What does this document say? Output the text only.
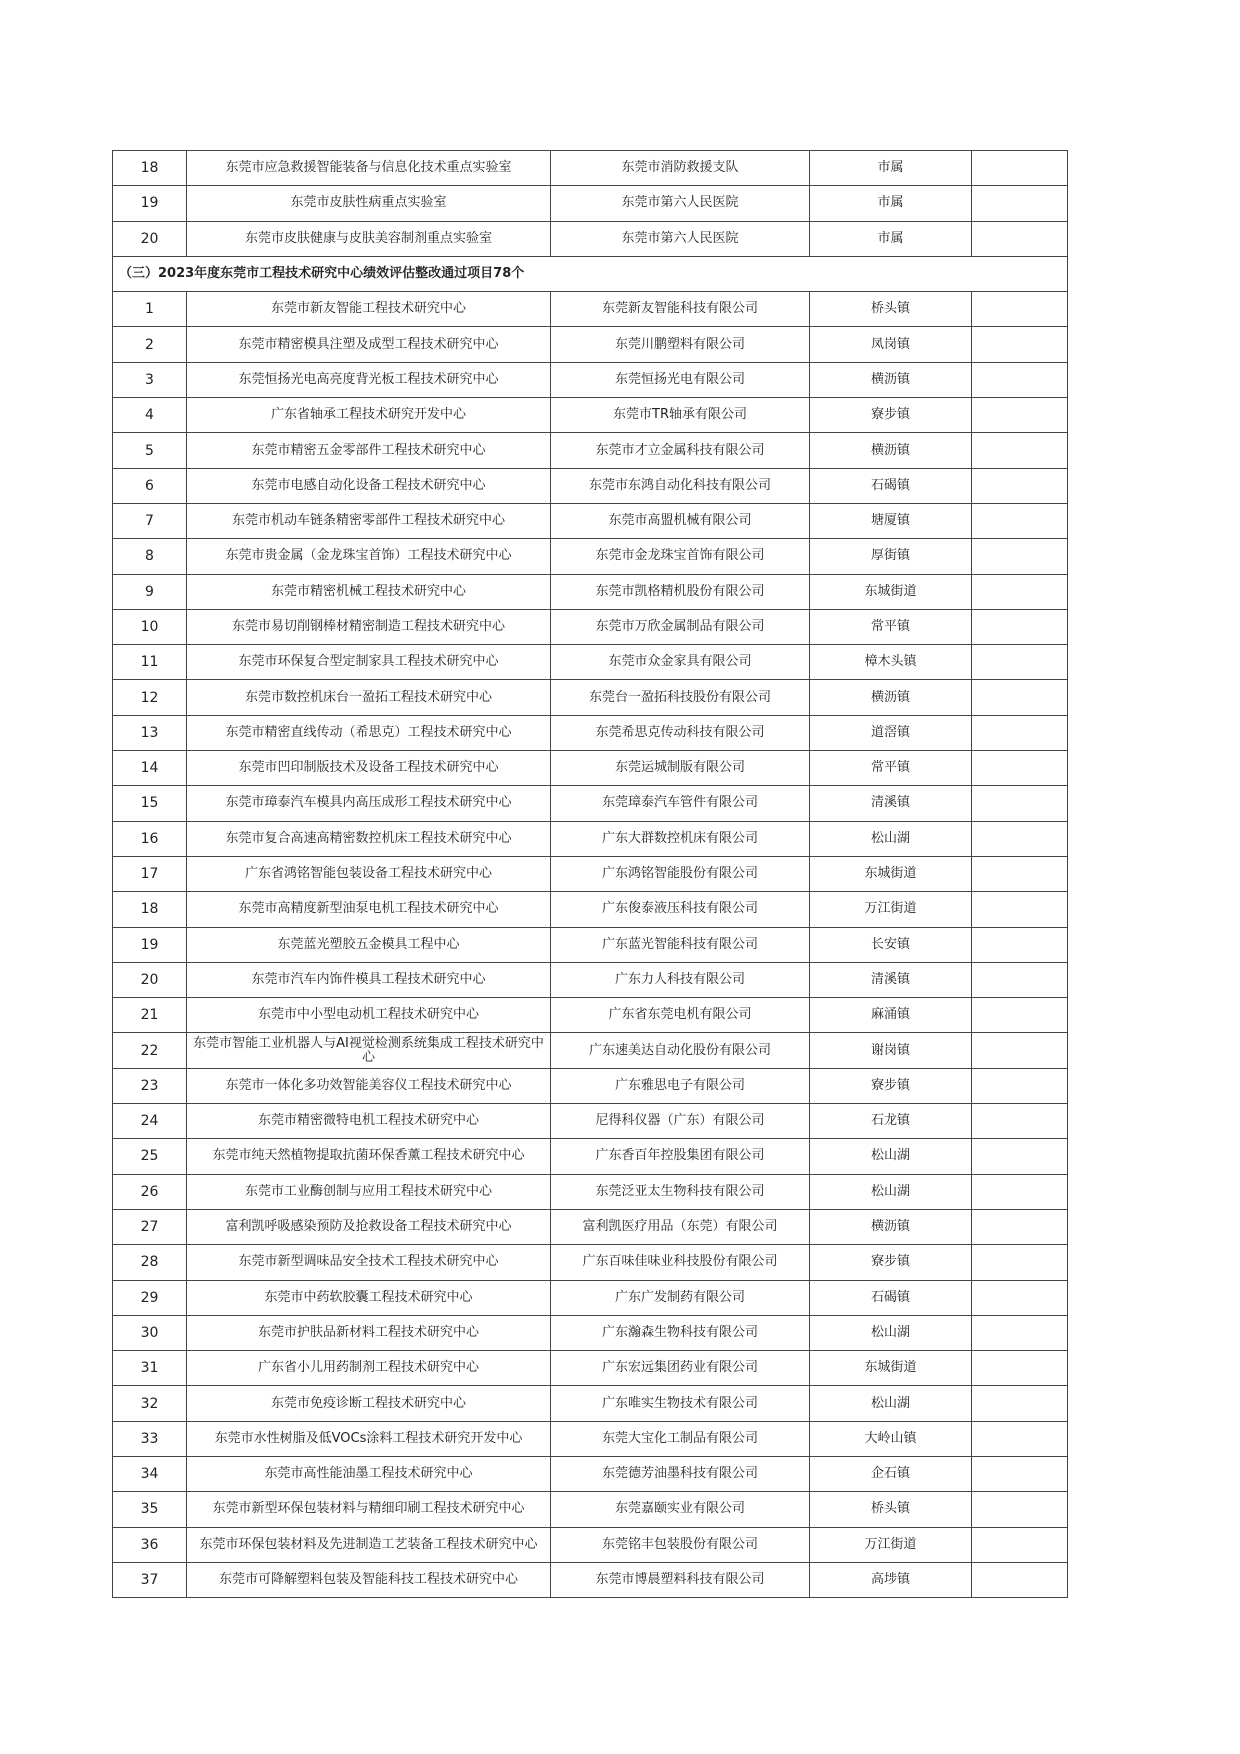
18	东莞市应急救援智能装备与信息化技术重点实验室	东莞市消防救援支队	市属	
19	东莞市皮肤性病重点实验室	东莞市第六人民医院	市属	
20	东莞市皮肤健康与皮肤美容制剂重点实验室	东莞市第六人民医院	市属	
（三）2023年度东莞市工程技术研究中心绩效评估整改通过项目78个				
1	东莞市新友智能工程技术研究中心	东莞新友智能科技有限公司	桥头镇	
2	东莞市精密模具注塑及成型工程技术研究中心	东莞川鹏塑料有限公司	凤岗镇	
3	东莞恒扬光电高亮度背光板工程技术研究中心	东莞恒扬光电有限公司	横沥镇	
4	广东省轴承工程技术研究开发中心	东莞市TR轴承有限公司	寮步镇	
5	东莞市精密五金零部件工程技术研究中心	东莞市才立金属科技有限公司	横沥镇	
6	东莞市电感自动化设备工程技术研究中心	东莞市东鸿自动化科技有限公司	石碣镇	
7	东莞市机动车链条精密零部件工程技术研究中心	东莞市高盟机械有限公司	塘厦镇	
8	东莞市贵金属（金龙珠宝首饰）工程技术研究中心	东莞市金龙珠宝首饰有限公司	厚街镇	
9	东莞市精密机械工程技术研究中心	东莞市凯格精机股份有限公司	东城街道	
10	东莞市易切削钢棒材精密制造工程技术研究中心	东莞市万欣金属制品有限公司	常平镇	
11	东莞市环保复合型定制家具工程技术研究中心	东莞市众金家具有限公司	樟木头镇	
12	东莞市数控机床台一盈拓工程技术研究中心	东莞台一盈拓科技股份有限公司	横沥镇	
13	东莞市精密直线传动（希思克）工程技术研究中心	东莞希思克传动科技有限公司	道滘镇	
14	东莞市凹印制版技术及设备工程技术研究中心	东莞运城制版有限公司	常平镇	
15	东莞市璋泰汽车模具内高压成形工程技术研究中心	东莞璋泰汽车管件有限公司	清溪镇	
16	东莞市复合高速高精密数控机床工程技术研究中心	广东大群数控机床有限公司	松山湖	
17	广东省鸿铭智能包装设备工程技术研究中心	广东鸿铭智能股份有限公司	东城街道	
18	东莞市高精度新型油泵电机工程技术研究中心	广东俊泰液压科技有限公司	万江街道	
19	东莞蓝光塑胶五金模具工程中心	广东蓝光智能科技有限公司	长安镇	
20	东莞市汽车内饰件模具工程技术研究中心	广东力人科技有限公司	清溪镇	
21	东莞市中小型电动机工程技术研究中心	广东省东莞电机有限公司	麻涌镇	
22	东莞市智能工业机器人与AI视觉检测系统集成工程技术研究中心	广东速美达自动化股份有限公司	谢岗镇	
23	东莞市一体化多功效智能美容仪工程技术研究中心	广东雅思电子有限公司	寮步镇	
24	东莞市精密微特电机工程技术研究中心	尼得科仪器（广东）有限公司	石龙镇	
25	东莞市纯天然植物提取抗菌环保香薰工程技术研究中心	广东香百年控股集团有限公司	松山湖	
26	东莞市工业酶创制与应用工程技术研究中心	东莞泛亚太生物科技有限公司	松山湖	
27	富利凯呼吸感染预防及抢救设备工程技术研究中心	富利凯医疗用品（东莞）有限公司	横沥镇	
28	东莞市新型调味品安全技术工程技术研究中心	广东百味佳味业科技股份有限公司	寮步镇	
29	东莞市中药软胶囊工程技术研究中心	广东广发制药有限公司	石碣镇	
30	东莞市护肤品新材料工程技术研究中心	广东瀚森生物科技有限公司	松山湖	
31	广东省小儿用药制剂工程技术研究中心	广东宏远集团药业有限公司	东城街道	
32	东莞市免疫诊断工程技术研究中心	广东唯实生物技术有限公司	松山湖	
33	东莞市水性树脂及低VOCs涂料工程技术研究开发中心	东莞大宝化工制品有限公司	大岭山镇	
34	东莞市高性能油墨工程技术研究中心	东莞德芳油墨科技有限公司	企石镇	
35	东莞市新型环保包装材料与精细印刷工程技术研究中心	东莞嘉颐实业有限公司	桥头镇	
36	东莞市环保包装材料及先进制造工艺装备工程技术研究中心	东莞铭丰包装股份有限公司	万江街道	
37	东莞市可降解塑料包装及智能科技工程技术研究中心	东莞市博晨塑料科技有限公司	高埗镇	
